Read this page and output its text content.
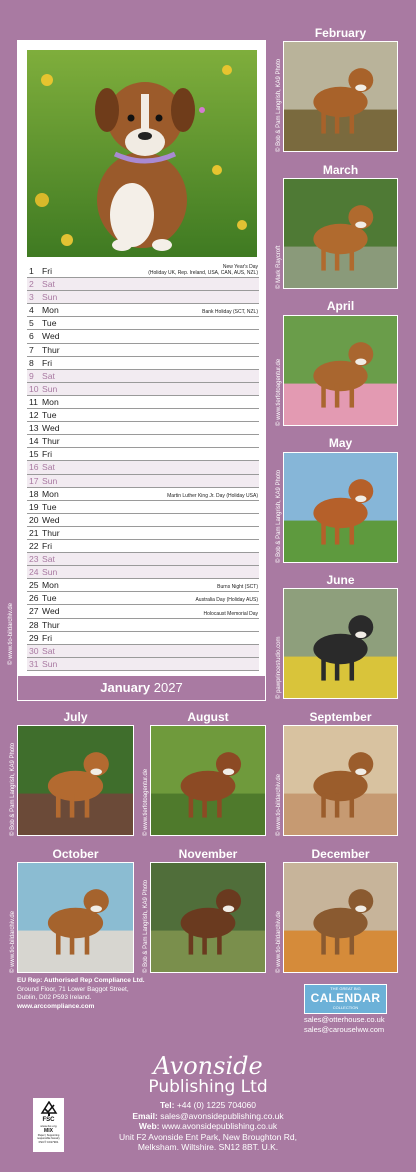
© www.tio-bildarchiv.de
1 Fri	New Year's Day
(Holiday UK, Rep. Ireland, USA, CAN, AUS, NZL)
2 Sat
3 Sun
4 Mon	Bank Holiday (SCT, NZL)
5 Tue
6 Wed
7 Thur
8 Fri
9 Sat
10 Sun
11 Mon
12 Tue
13 Wed
14 Thur
15 Fri
16 Sat
17 Sun
18 Mon	Martin Luther King Jr. Day (Holiday USA)
19 Tue
20 Wed
21 Thur
22 Fri
23 Sat
24 Sun
25 Mon	Burns Night (SCT)
26 Tue	Australia Day (Holiday AUS)
27 Wed	Holocaust Memorial Day
28 Thur
29 Fri
30 Sat
31 Sun
January 2027
February
© Bob & Pam Langrish, KA9 Photo
March
© Mark Raycroft
April
© www.tierfotoagentur.de
May
© Bob & Pam Langrish, KA9 Photo
June
© pawprincestudio.com
July
© Bob & Pam Langrish, KA9 Photo
August
© www.tierfotoagentur.de
September
© www.tio-bildarchiv.de
October
© www.tio-bildarchiv.de
November
© Bob & Pam Langrish, KA9 Photo
December
© www.tio-bildarchiv.de
EU Rep: Authorised Rep Compliance Ltd.
Ground Floor, 71 Lower Baggot Street,
Dublin, D02 P593 Ireland.
www.arccompliance.com
THE GREAT BIG
CALENDAR
COLLECTION
sales@otterhouse.co.uk
sales@carouselww.com
Avonside
Publishing Ltd
Tel: +44 (0) 1225 704060
Email: sales@avonsidepublishing.co.uk
Web: www.avonsidepublishing.co.uk
Unit F2 Avonside Ent Park, New Broughton Rd,
Melksham. Wiltshire. SN12 8BT. U.K.
FSC
www.fsc.org
MIX
Paper | Supporting responsible forestry
FSC® C017901
